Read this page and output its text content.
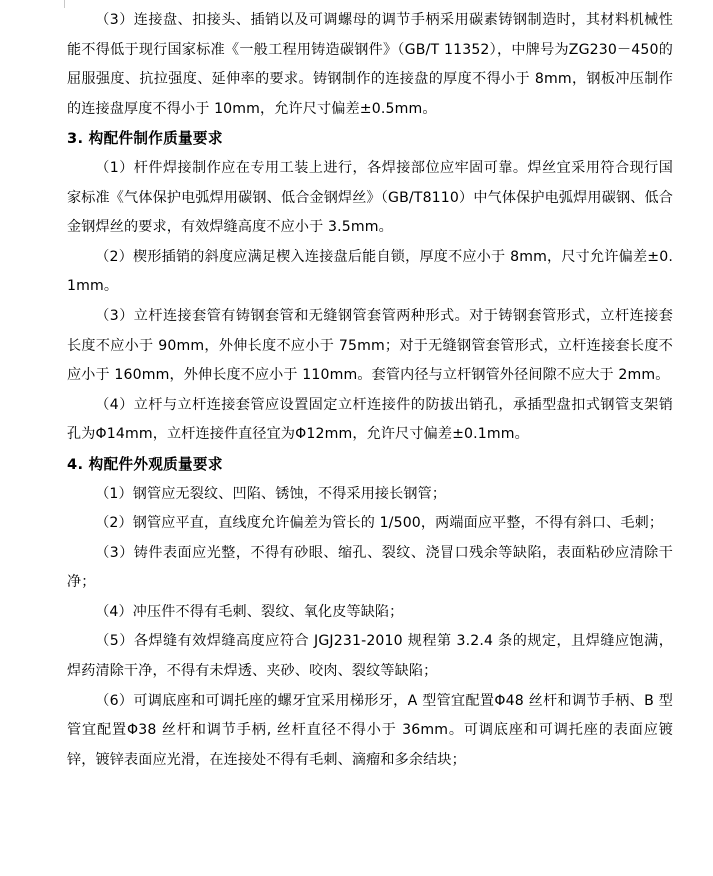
（3）连接盘、扣接头、插销以及可调螺母的调节手柄采用碳素铸钢制造时，其材料机械性能不得低于现行国家标准《一般工程用铸造碳钢件》（GB/T 11352），中牌号为ZG230－450的屈服强度、抗拉强度、延伸率的要求。铸钢制作的连接盘的厚度不得小于 8mm，钢板冲压制作的连接盘厚度不得小于 10mm，允许尺寸偏差±0.5mm。

3. 构配件制作质量要求

（1）杆件焊接制作应在专用工装上进行，各焊接部位应牢固可靠。焊丝宜采用符合现行国家标准《气体保护电弧焊用碳钢、低合金钢焊丝》（GB/T8110）中气体保护电弧焊用碳钢、低合金钢焊丝的要求，有效焊缝高度不应小于 3.5mm。

（2）楔形插销的斜度应满足楔入连接盘后能自锁，厚度不应小于 8mm，尺寸允许偏差±0.1mm。

（3）立杆连接套管有铸钢套管和无缝钢管套管两种形式。对于铸钢套管形式，立杆连接套长度不应小于 90mm，外伸长度不应小于 75mm；对于无缝钢管套管形式，立杆连接套长度不应小于 160mm，外伸长度不应小于 110mm。套管内径与立杆钢管外径间隙不应大于 2mm。

（4）立杆与立杆连接套管应设置固定立杆连接件的防拔出销孔，承插型盘扣式钢管支架销孔为Φ14mm，立杆连接件直径宜为Φ12mm，允许尺寸偏差±0.1mm。

4. 构配件外观质量要求

（1）钢管应无裂纹、凹陷、锈蚀，不得采用接长钢管；

（2）钢管应平直，直线度允许偏差为管长的 1/500，两端面应平整，不得有斜口、毛刺；

（3）铸件表面应光整，不得有砂眼、缩孔、裂纹、浇冒口残余等缺陷，表面粘砂应清除干净；

（4）冲压件不得有毛刺、裂纹、氧化皮等缺陷；

（5）各焊缝有效焊缝高度应符合 JGJ231-2010 规程第 3.2.4 条的规定，且焊缝应饱满，焊药清除干净，不得有未焊透、夹砂、咬肉、裂纹等缺陷；

（6）可调底座和可调托座的螺牙宜采用梯形牙，A 型管宜配置Φ48 丝杆和调节手柄、B 型管宜配置Φ38 丝杆和调节手柄, 丝杆直径不得小于 36mm。可调底座和可调托座的表面应镀锌，镀锌表面应光滑，在连接处不得有毛刺、滴瘤和多余结块；
